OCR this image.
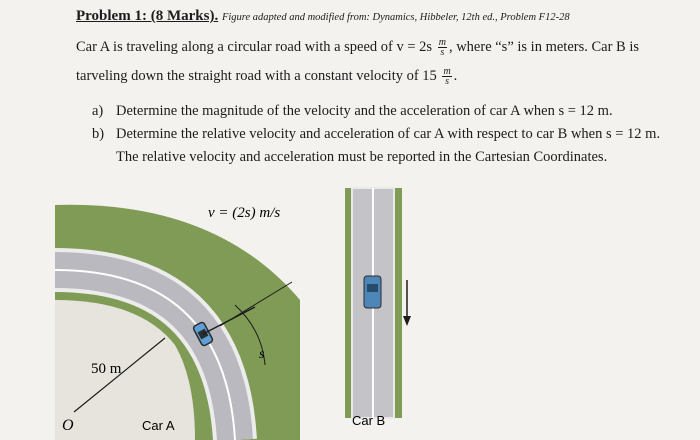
Problem 1: (8 Marks). Figure adapted and modified from: Dynamics, Hibbeler, 12th ed., Problem F12-28
Car A is traveling along a circular road with a speed of $v = 2s \frac{m}{s}$ , where “s” is in meters. Car B is
tarveling down the straight road with a constant velocity of $15 \frac{m}{s}$ .
a) Determine the magnitude of the velocity and the acceleration of car A when s = 12 m.
b) Determine the relative velocity and acceleration of car A with respect to car B when s = 12 m.
The relative velocity and acceleration must be reported in the Cartesian Coordinates.
v = (2s) m/s
50 m
s
O	Car A	Car B
